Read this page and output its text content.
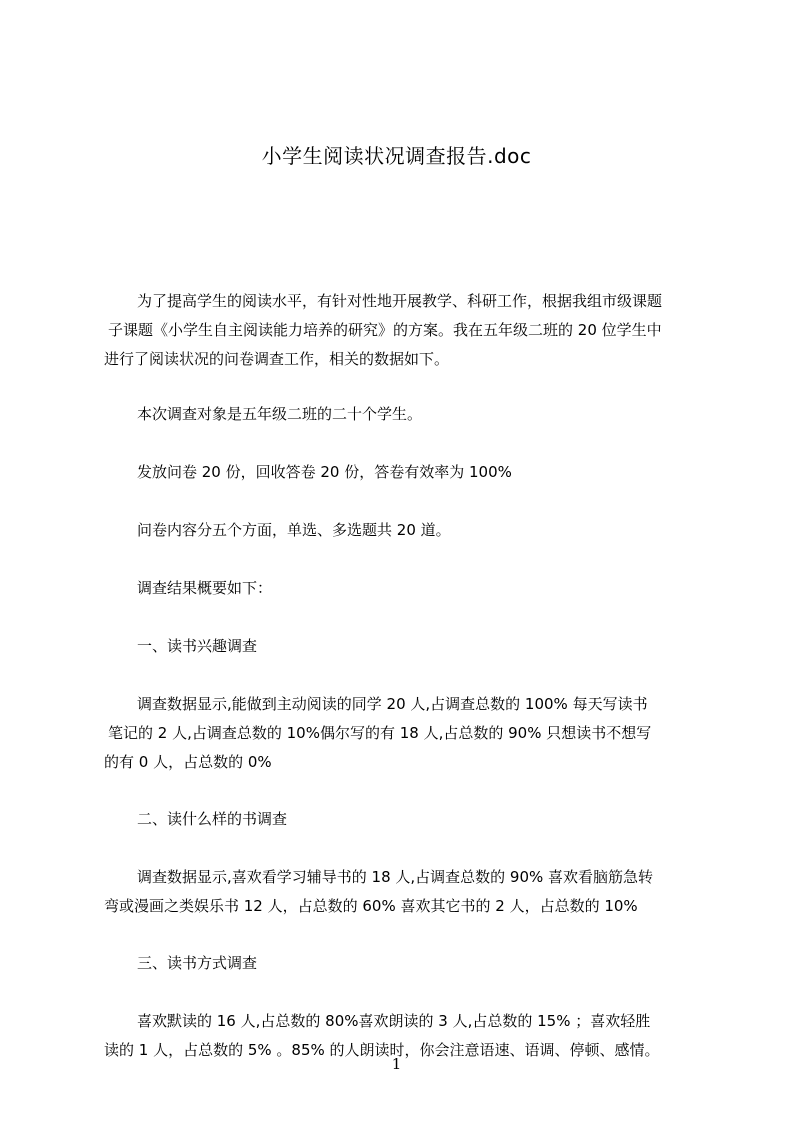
小学生阅读状况调查报告.doc

为了提高学生的阅读水平，有针对性地开展教学、科研工作，根据我组市级课题
子课题《小学生自主阅读能力培养的研究》的方案。我在五年级二班的 20 位学生中
进行了阅读状况的问卷调查工作，相关的数据如下。

本次调查对象是五年级二班的二十个学生。

发放问卷 20 份，回收答卷 20 份，答卷有效率为 100%

问卷内容分五个方面，单选、多选题共 20 道。

调查结果概要如下：

一、读书兴趣调查

调查数据显示,能做到主动阅读的同学 20 人,占调查总数的 100% 每天写读书
笔记的 2 人,占调查总数的 10%偶尔写的有 18 人,占总数的 90% 只想读书不想写
的有 0 人，占总数的 0%

二、读什么样的书调查

调查数据显示,喜欢看学习辅导书的 18 人,占调查总数的 90% 喜欢看脑筋急转
弯或漫画之类娱乐书 12 人，占总数的 60% 喜欢其它书的 2 人，占总数的 10%

三、读书方式调查

喜欢默读的 16 人,占总数的 80%喜欢朗读的 3 人,占总数的 15% ；喜欢轻胜
读的 1 人，占总数的 5% 。85% 的人朗读时，你会注意语速、语调、停顿、感情。

1
